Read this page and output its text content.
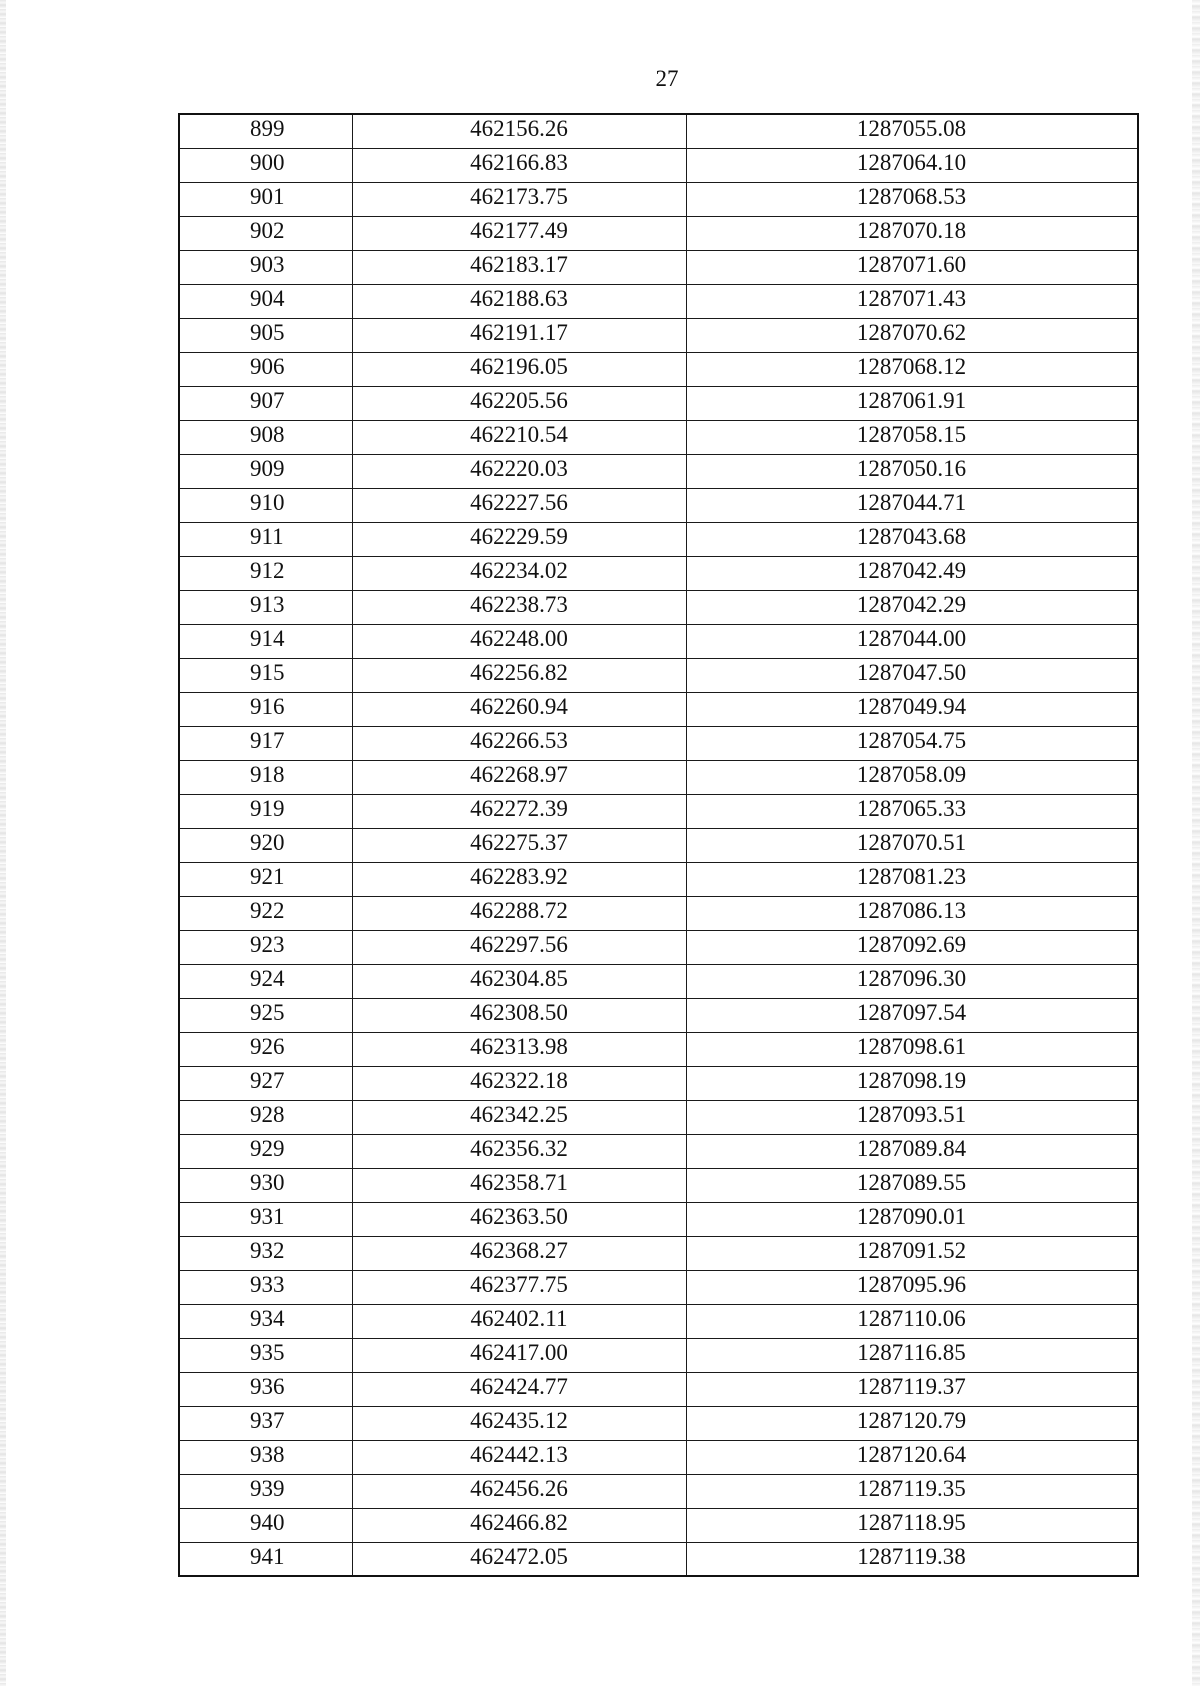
27
899	462156.26	1287055.08
900	462166.83	1287064.10
901	462173.75	1287068.53
902	462177.49	1287070.18
903	462183.17	1287071.60
904	462188.63	1287071.43
905	462191.17	1287070.62
906	462196.05	1287068.12
907	462205.56	1287061.91
908	462210.54	1287058.15
909	462220.03	1287050.16
910	462227.56	1287044.71
911	462229.59	1287043.68
912	462234.02	1287042.49
913	462238.73	1287042.29
914	462248.00	1287044.00
915	462256.82	1287047.50
916	462260.94	1287049.94
917	462266.53	1287054.75
918	462268.97	1287058.09
919	462272.39	1287065.33
920	462275.37	1287070.51
921	462283.92	1287081.23
922	462288.72	1287086.13
923	462297.56	1287092.69
924	462304.85	1287096.30
925	462308.50	1287097.54
926	462313.98	1287098.61
927	462322.18	1287098.19
928	462342.25	1287093.51
929	462356.32	1287089.84
930	462358.71	1287089.55
931	462363.50	1287090.01
932	462368.27	1287091.52
933	462377.75	1287095.96
934	462402.11	1287110.06
935	462417.00	1287116.85
936	462424.77	1287119.37
937	462435.12	1287120.79
938	462442.13	1287120.64
939	462456.26	1287119.35
940	462466.82	1287118.95
941	462472.05	1287119.38
